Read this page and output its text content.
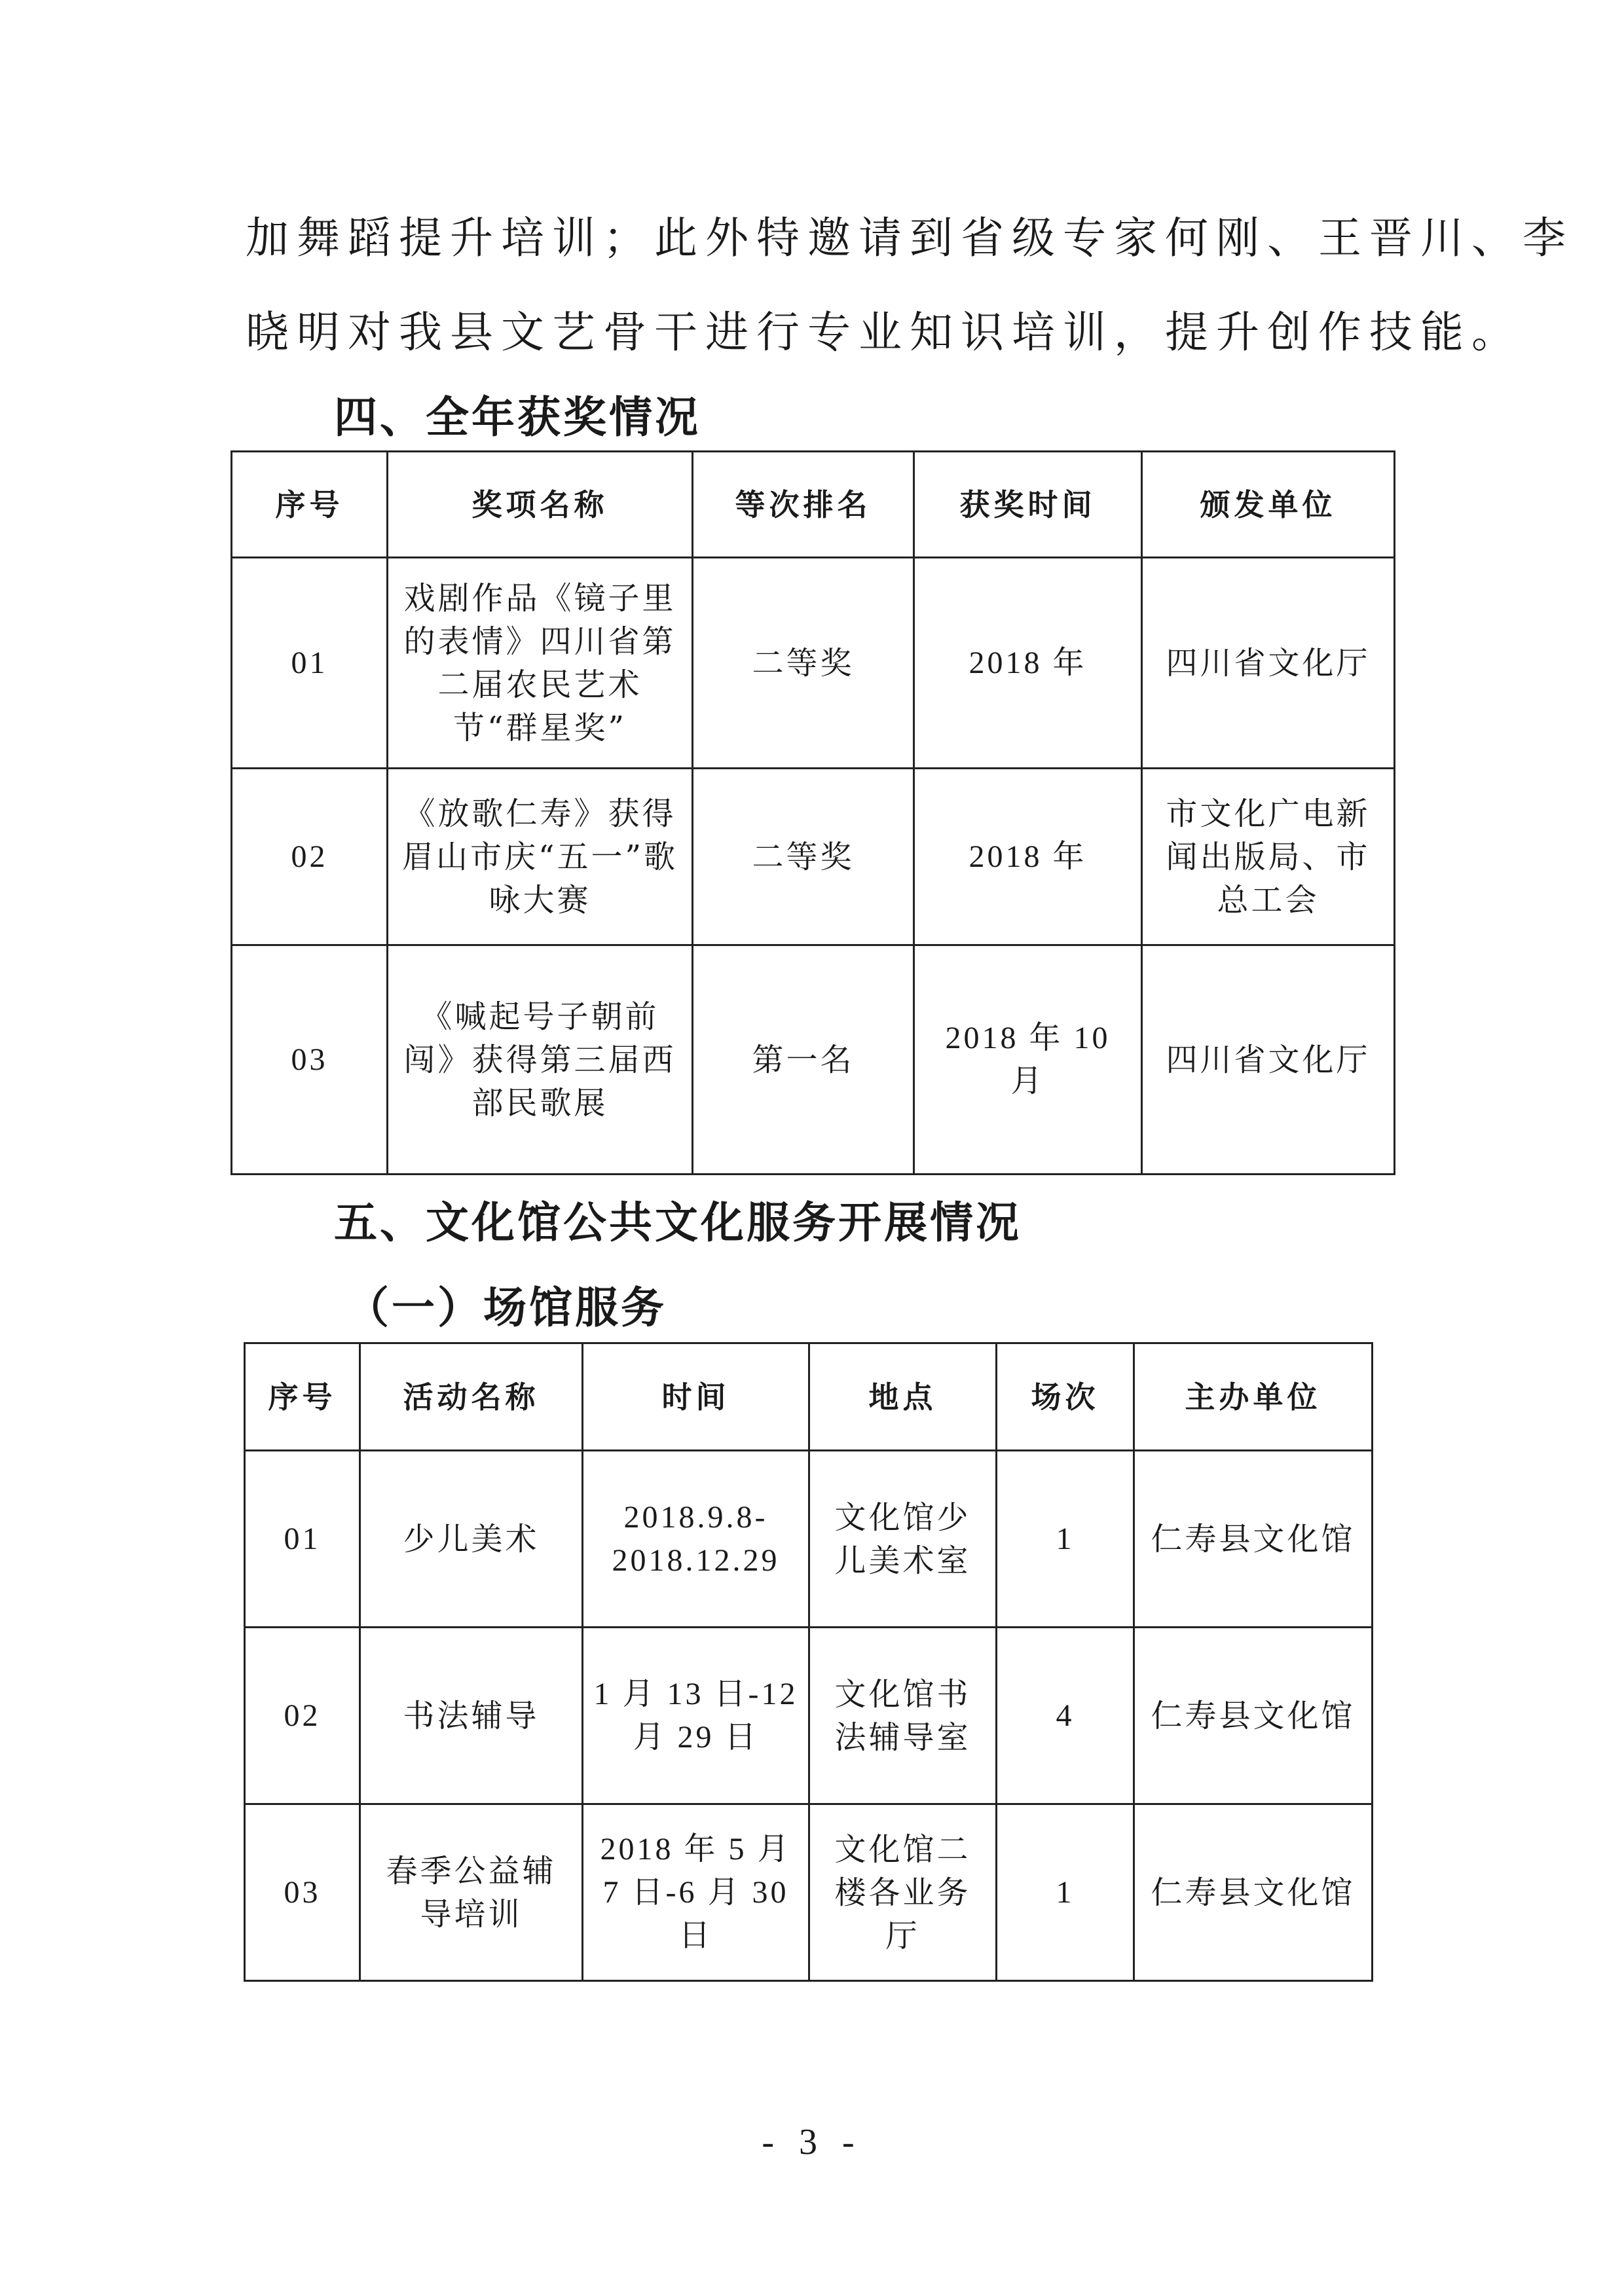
加舞蹈提升培训；此外特邀请到省级专家何刚、王晋川、李

晓明对我县文艺骨干进行专业知识培训，提升创作技能。

四、全年获奖情况
序号	奖项名称	等次排名	获奖时间	颁发单位
01	戏剧作品《镜子里的表情》四川省第二届农民艺术节“群星奖”	二等奖	2018 年	四川省文化厅
02	《放歌仁寿》获得眉山市庆“五一”歌咏大赛	二等奖	2018 年	市文化广电新闻出版局、市总工会
03	《喊起号子朝前闯》获得第三届西部民歌展	第一名	2018 年 10 月	四川省文化厅
五、文化馆公共文化服务开展情况
（一）场馆服务
序号	活动名称	时间	地点	场次	主办单位
01	少儿美术	2018.9.8-2018.12.29	文化馆少儿美术室	1	仁寿县文化馆
02	书法辅导	1 月 13 日-12 月 29 日	文化馆书法辅导室	4	仁寿县文化馆
03	春季公益辅导培训	2018 年 5 月 7 日-6 月 30 日	文化馆二楼各业务厅	1	仁寿县文化馆
- 3 -
